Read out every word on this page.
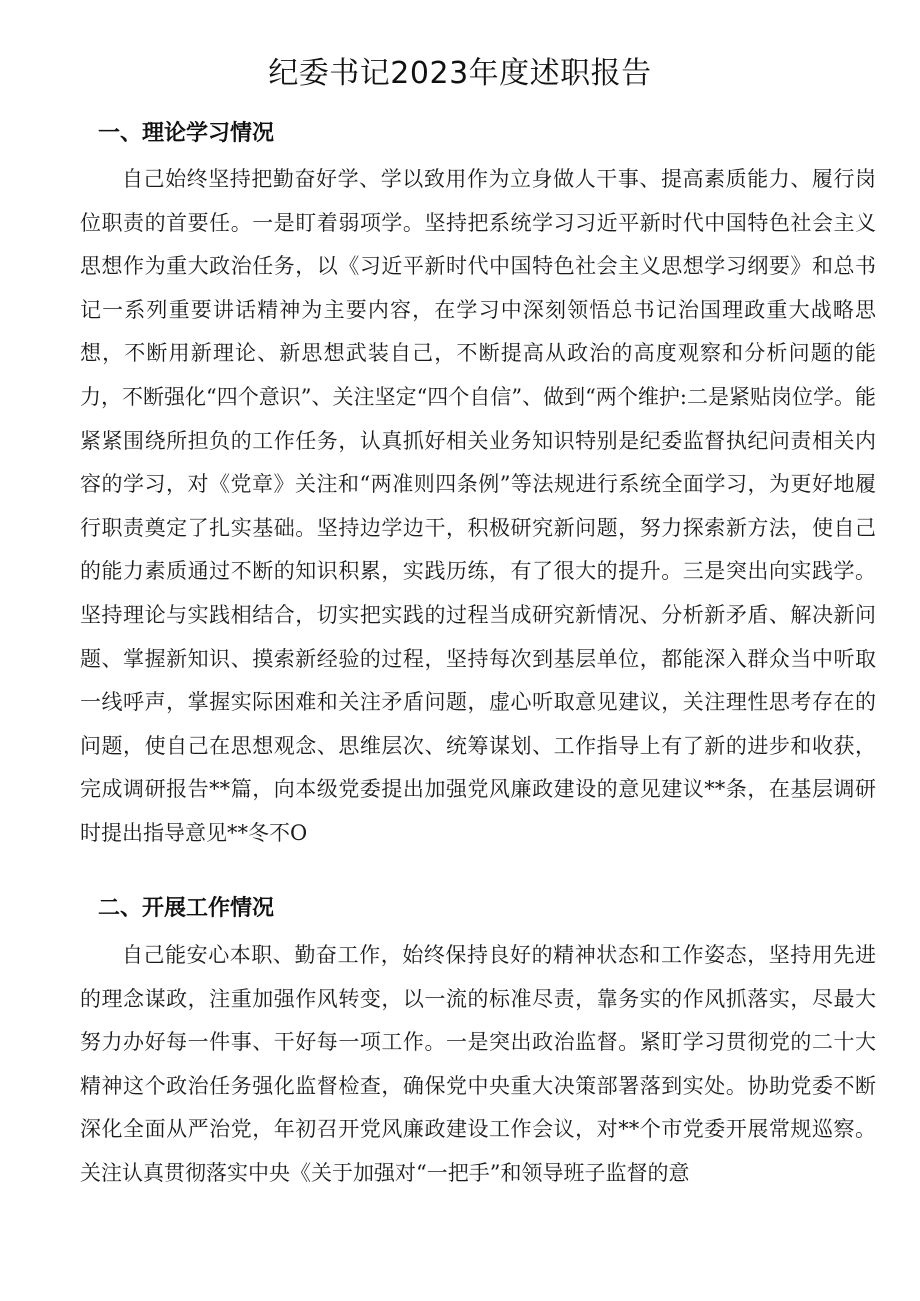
纪委书记2023年度述职报告
一、理论学习情况

自己始终坚持把勤奋好学、学以致用作为立身做人干事、提高素质能力、履行岗位职责的首要任。一是盯着弱项学。坚持把系统学习习近平新时代中国特色社会主义思想作为重大政治任务，以《习近平新时代中国特色社会主义思想学习纲要》和总书记一系列重要讲话精神为主要内容，在学习中深刻领悟总书记治国理政重大战略思想，不断用新理论、新思想武装自己，不断提高从政治的高度观察和分析问题的能力，不断强化“四个意识”、关注坚定“四个自信”、做到“两个维护:二是紧贴岗位学。能紧紧围绕所担负的工作任务，认真抓好相关业务知识特别是纪委监督执纪问责相关内容的学习，对《党章》关注和“两准则四条例”等法规进行系统全面学习，为更好地履行职责奠定了扎实基础。坚持边学边干，积极研究新问题，努力探索新方法，使自己的能力素质通过不断的知识积累，实践历练，有了很大的提升。三是突出向实践学。坚持理论与实践相结合，切实把实践的过程当成研究新情况、分析新矛盾、解决新问题、掌握新知识、摸索新经验的过程，坚持每次到基层单位，都能深入群众当中听取一线呼声，掌握实际困难和关注矛盾问题，虚心听取意见建议，关注理性思考存在的问题，使自己在思想观念、思维层次、统筹谋划、工作指导上有了新的进步和收获，完成调研报告**篇，向本级党委提出加强党风廉政建设的意见建议**条，在基层调研时提出指导意见**冬不O

二、开展工作情况

自己能安心本职、勤奋工作，始终保持良好的精神状态和工作姿态，坚持用先进的理念谋政，注重加强作风转变，以一流的标准尽责，靠务实的作风抓落实，尽最大努力办好每一件事、干好每一项工作。一是突出政治监督。紧盯学习贯彻党的二十大精神这个政治任务强化监督检查，确保党中央重大决策部署落到实处。协助党委不断深化全面从严治党，年初召开党风廉政建设工作会议，对**个市党委开展常规巡察。关注认真贯彻落实中央《关于加强对“一把手”和领导班子监督的意
